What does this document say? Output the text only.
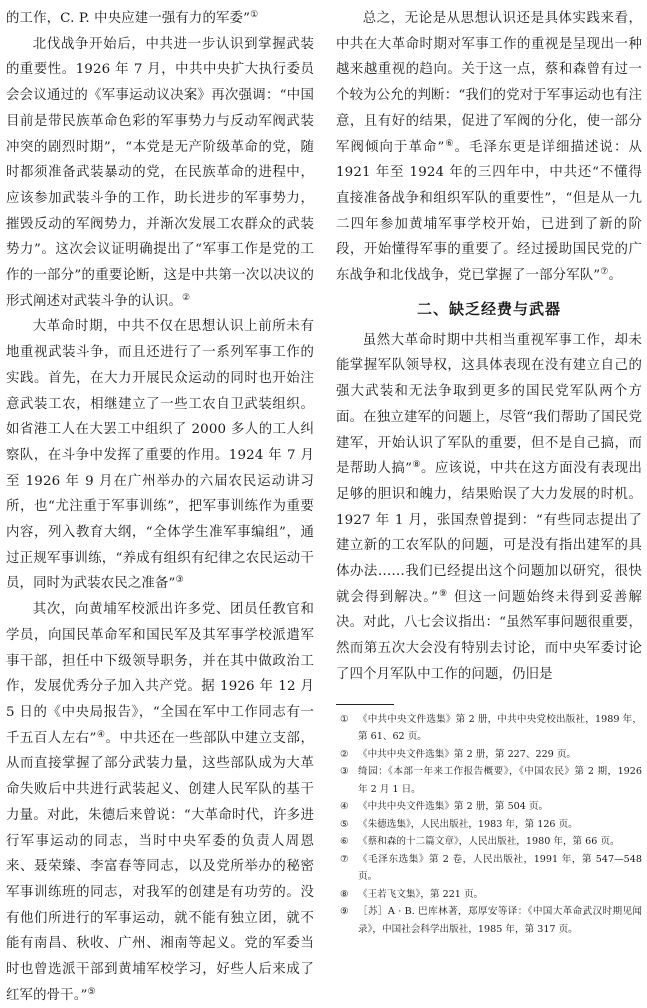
的工作，C. P. 中央应建一强有力的军委”①

北伐战争开始后，中共进一步认识到掌握武装的重要性。1926 年 7 月，中共中央扩大执行委员会会议通过的《军事运动议决案》再次强调：“中国目前是带民族革命色彩的军事势力与反动军阀武装冲突的剧烈时期”，“本党是无产阶级革命的党，随时都须准备武装暴动的党，在民族革命的进程中，应该参加武装斗争的工作，助长进步的军事势力，摧毁反动的军阀势力，并渐次发展工农群众的武装势力”。这次会议证明确提出了“军事工作是党的工作的一部分”的重要论断，这是中共第一次以决议的形式阐述对武装斗争的认识。②

大革命时期，中共不仅在思想认识上前所未有地重视武装斗争，而且还进行了一系列军事工作的实践。首先，在大力开展民众运动的同时也开始注意武装工农，相继建立了一些工农自卫武装组织。如省港工人在大罢工中组织了 2000 多人的工人纠察队，在斗争中发挥了重要的作用。1924 年 7 月至 1926 年 9 月在广州举办的六届农民运动讲习所，也“尤注重于军事训练”，把军事训练作为重要内容，列入教育大纲，“全体学生准军事编组”，通过正规军事训练，“养成有组织有纪律之农民运动干员，同时为武装农民之准备”③

其次，向黄埔军校派出许多党、团员任教官和学员，向国民革命军和国民军及其军事学校派遣军事干部，担任中下级领导职务，并在其中做政治工作，发展优秀分子加入共产党。据 1926 年 12 月 5 日的《中央局报告》，“全国在军中工作同志有一千五百人左右”④。中共还在一些部队中建立支部，从而直接掌握了部分武装力量，这些部队成为大革命失败后中共进行武装起义、创建人民军队的基干力量。对此，朱德后来曾说：“大革命时代，许多进行军事运动的同志，当时中央军委的负责人周恩来、聂荣臻、李富春等同志，以及党所举办的秘密军事训练班的同志，对我军的创建是有功劳的。没有他们所进行的军事运动，就不能有独立团，就不能有南昌、秋收、广州、湘南等起义。党的军委当时也曾选派干部到黄埔军校学习，好些人后来成了红军的骨干。”⑤

总之，无论是从思想认识还是具体实践来看，中共在大革命时期对军事工作的重视是呈现出一种越来越重视的趋向。关于这一点，蔡和森曾有过一个较为公允的判断：“我们的党对于军事运动也有注意，且有好的结果，促进了军阀的分化，使一部分军阀倾向于革命”⑥。毛泽东更是详细描述说：从 1921 年至 1924 年的三四年中，中共还“不懂得直接准备战争和组织军队的重要性”，“但是从一九二四年参加黄埔军事学校开始，已进到了新的阶段，开始懂得军事的重要了。经过援助国民党的广东战争和北伐战争，党已掌握了一部分军队”⑦。

二、缺乏经费与武器

虽然大革命时期中共相当重视军事工作，却未能掌握军队领导权，这具体表现在没有建立自己的强大武装和无法争取到更多的国民党军队两个方面。在独立建军的问题上，尽管“我们帮助了国民党建军，开始认识了军队的重要，但不是自己搞，而是帮助人搞”⑧。应该说，中共在这方面没有表现出足够的胆识和魄力，结果贻误了大力发展的时机。1927 年 1 月，张国焘曾提到：“有些同志提出了建立新的工农军队的问题，可是没有指出建军的具体办法……我们已经提出这个问题加以研究，很快就会得到解决。”⑨ 但这一问题始终未得到妥善解决。对此，八七会议指出：“虽然军事问题很重要，然而第五次大会没有特别去讨论，而中央军委讨论了四个月军队中工作的问题，仍旧是

① 《中共中央文件选集》第 2 册，中共中央党校出版社，1989 年，第 61、62 页。
② 《中共中央文件选集》第 2 册，第 227、229 页。
③ 绮园：《本部一年来工作报告概要》，《中国农民》第 2 期，1926 年 2 月 1 日。
④ 《中共中央文件选集》第 2 册，第 504 页。
⑤ 《朱德选集》，人民出版社，1983 年，第 126 页。
⑥ 《蔡和森的十二篇文章》，人民出版社，1980 年，第 66 页。
⑦ 《毛泽东选集》第 2 卷，人民出版社，1991 年，第 547—548 页。
⑧ 《王若飞文集》，第 221 页。
⑨ ［苏］A · B. 巴库林著，郑厚安等译：《中国大革命武汉时期见闻录》，中国社会科学出版社，1985 年，第 317 页。
